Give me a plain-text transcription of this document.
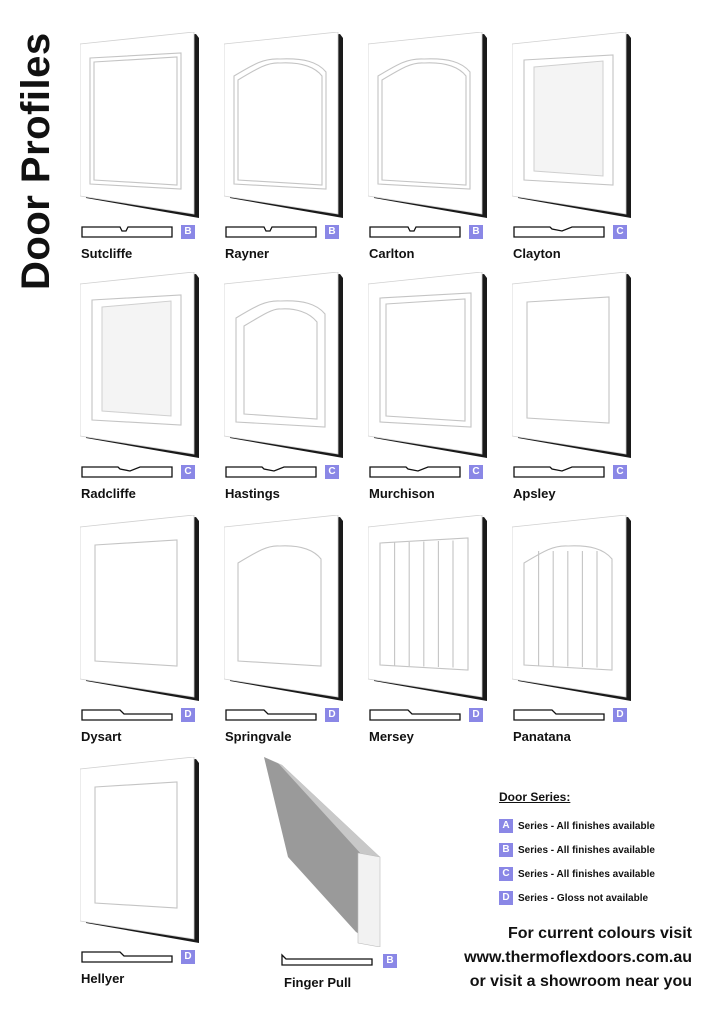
Door Profiles	B
Sutcliffe
B
Rayner
B
Carlton
C
Clayton
C
Radcliffe
C
Hastings
C
Murchison
C
Apsley
D
Dysart
D
Springvale
D
Mersey
D
Panatana
D
Hellyer
B
Finger Pull
Door Series:
A Series - All finishes available
B Series - All finishes available
C Series - All finishes available
D Series - Gloss not available
For current colours visit
www.thermoflexdoors.com.au
or visit a showroom near you
